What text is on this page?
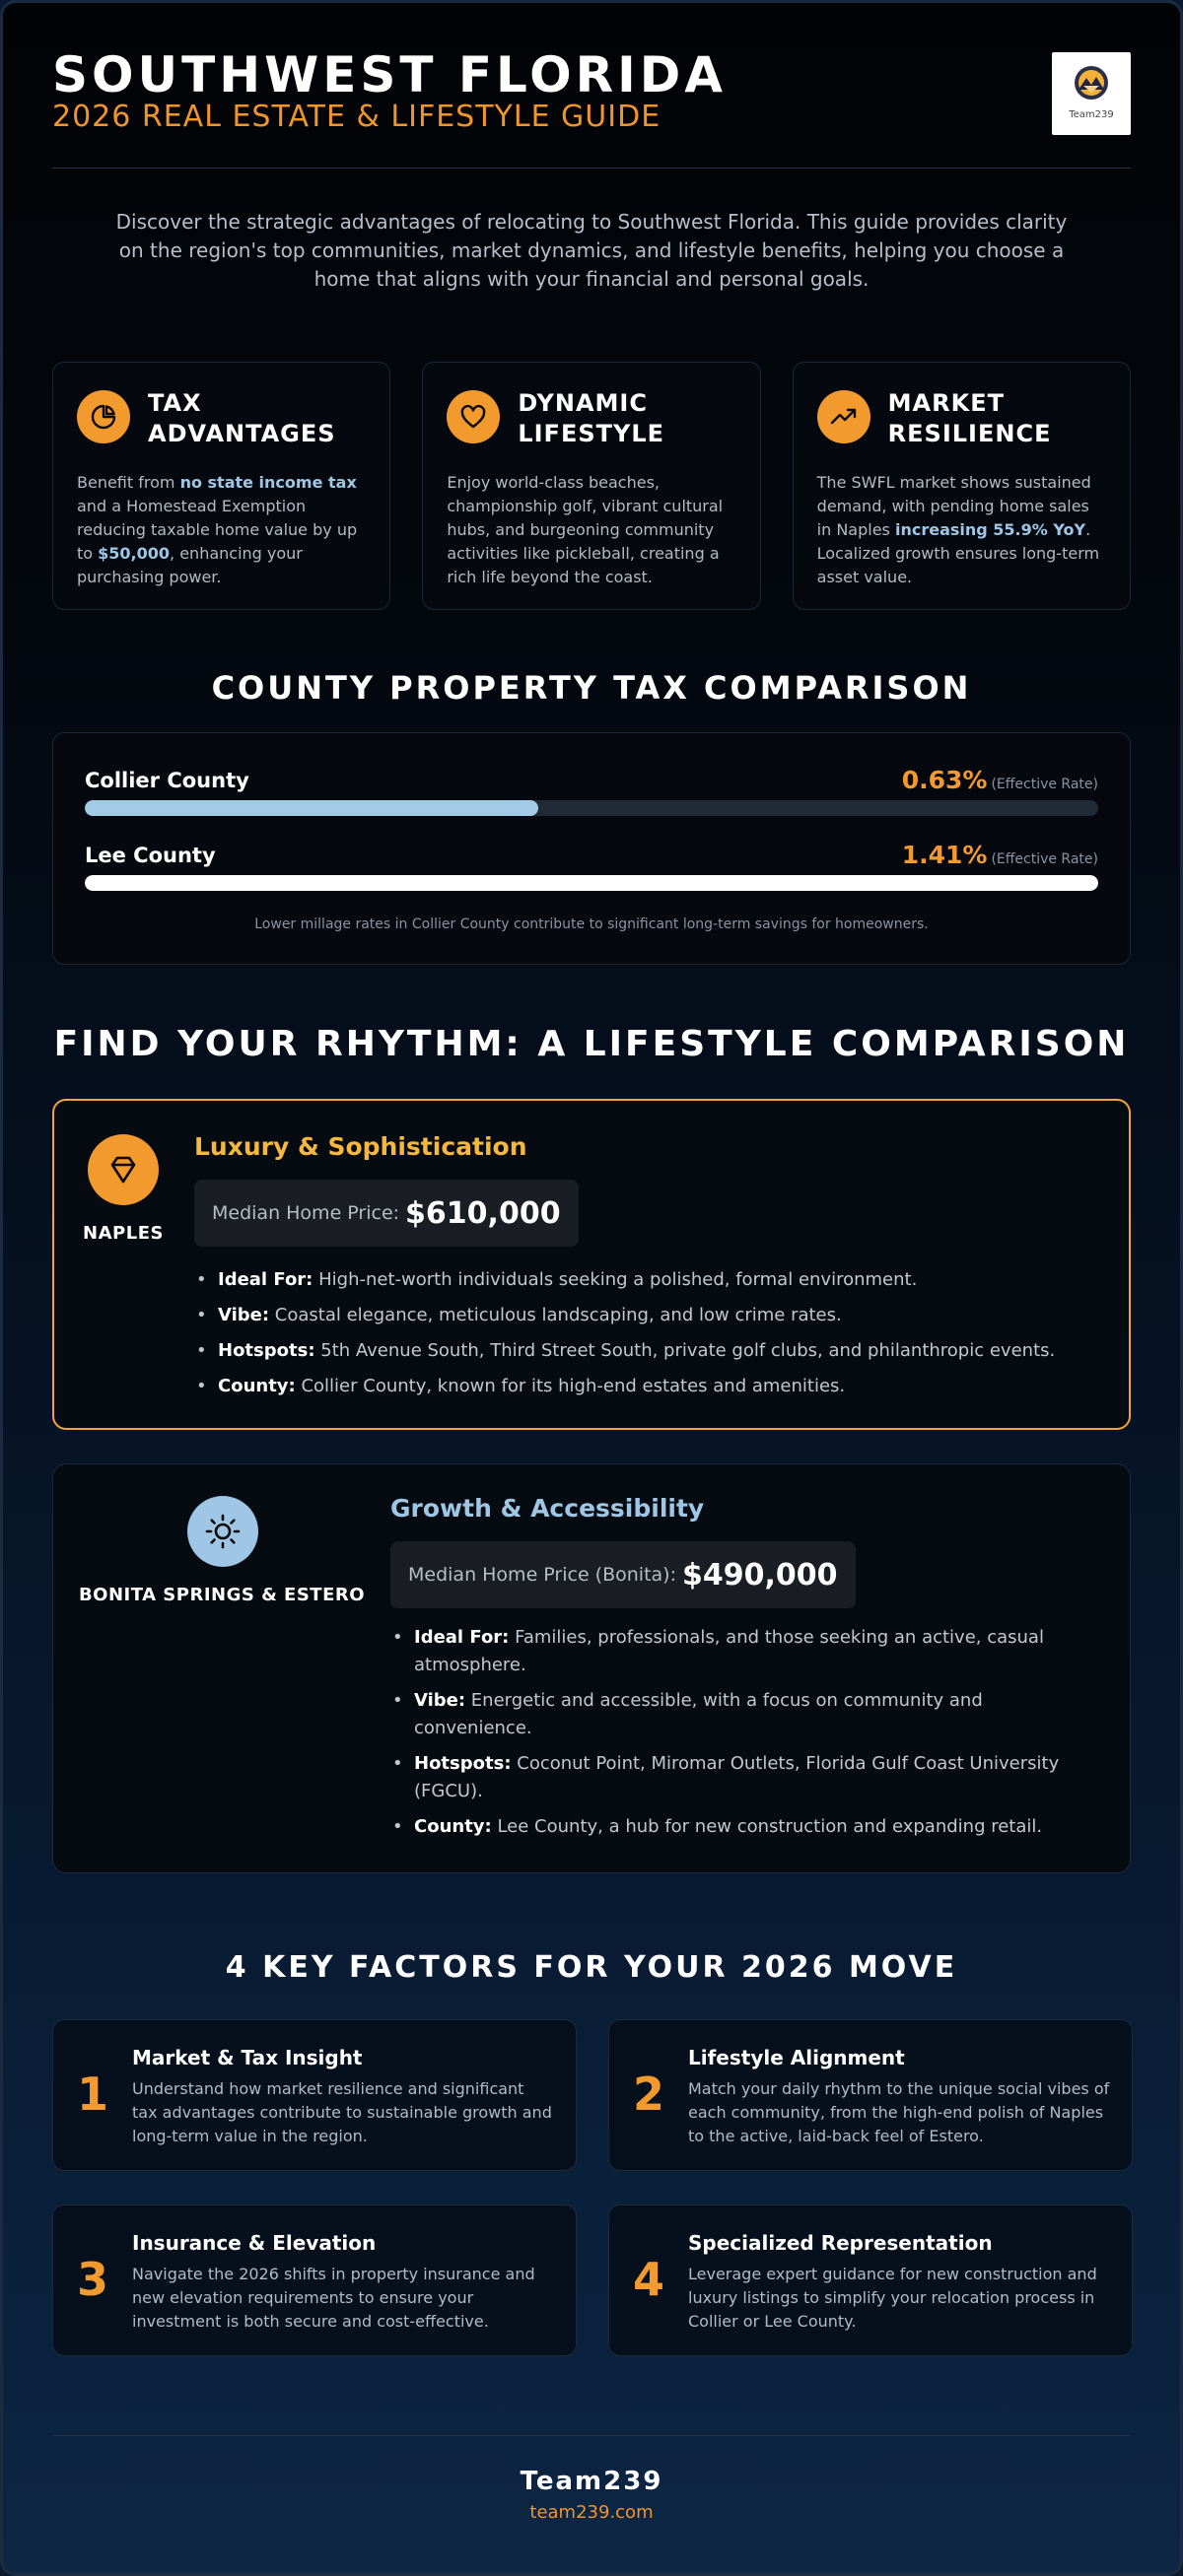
SOUTHWEST FLORIDA
2026 REAL ESTATE & LIFESTYLE GUIDE	Team239

Discover the strategic advantages of relocating to Southwest Florida. This guide provides clarity on the region's top communities, market dynamics, and lifestyle benefits, helping you choose a home that aligns with your financial and personal goals.

TAX
ADVANTAGES

Benefit from no state income tax and a Homestead Exemption reducing taxable home value by up to $50,000, enhancing your purchasing power.

DYNAMIC
LIFESTYLE

Enjoy world-class beaches, championship golf, vibrant cultural hubs, and burgeoning community activities like pickleball, creating a rich life beyond the coast.

MARKET
RESILIENCE

The SWFL market shows sustained demand, with pending home sales in Naples increasing 55.9% YoY. Localized growth ensures long-term asset value.

COUNTY PROPERTY TAX COMPARISON
Collier County	0.63% (Effective Rate)
Lee County	1.41% (Effective Rate)
Lower millage rates in Collier County contribute to significant long-term savings for homeowners.
FIND YOUR RHYTHM: A LIFESTYLE COMPARISON
NAPLES
Luxury & Sophistication
Median Home Price: $610,000
• Ideal For: High-net-worth individuals seeking a polished, formal environment.
• Vibe: Coastal elegance, meticulous landscaping, and low crime rates.
• Hotspots: 5th Avenue South, Third Street South, private golf clubs, and philanthropic events.
• County: Collier County, known for its high-end estates and amenities.
BONITA SPRINGS & ESTERO
Growth & Accessibility
Median Home Price (Bonita): $490,000
• Ideal For: Families, professionals, and those seeking an active, casual atmosphere.
• Vibe: Energetic and accessible, with a focus on community and convenience.
• Hotspots: Coconut Point, Miromar Outlets, Florida Gulf Coast University (FGCU).
• County: Lee County, a hub for new construction and expanding retail.
4 KEY FACTORS FOR YOUR 2026 MOVE
1
Market & Tax Insight
Understand how market resilience and significant tax advantages contribute to sustainable growth and long-term value in the region.
2
Lifestyle Alignment
Match your daily rhythm to the unique social vibes of each community, from the high-end polish of Naples to the active, laid-back feel of Estero.
3
Insurance & Elevation
Navigate the 2026 shifts in property insurance and new elevation requirements to ensure your investment is both secure and cost-effective.
4
Specialized Representation
Leverage expert guidance for new construction and luxury listings to simplify your relocation process in Collier or Lee County.
Team239
team239.com
